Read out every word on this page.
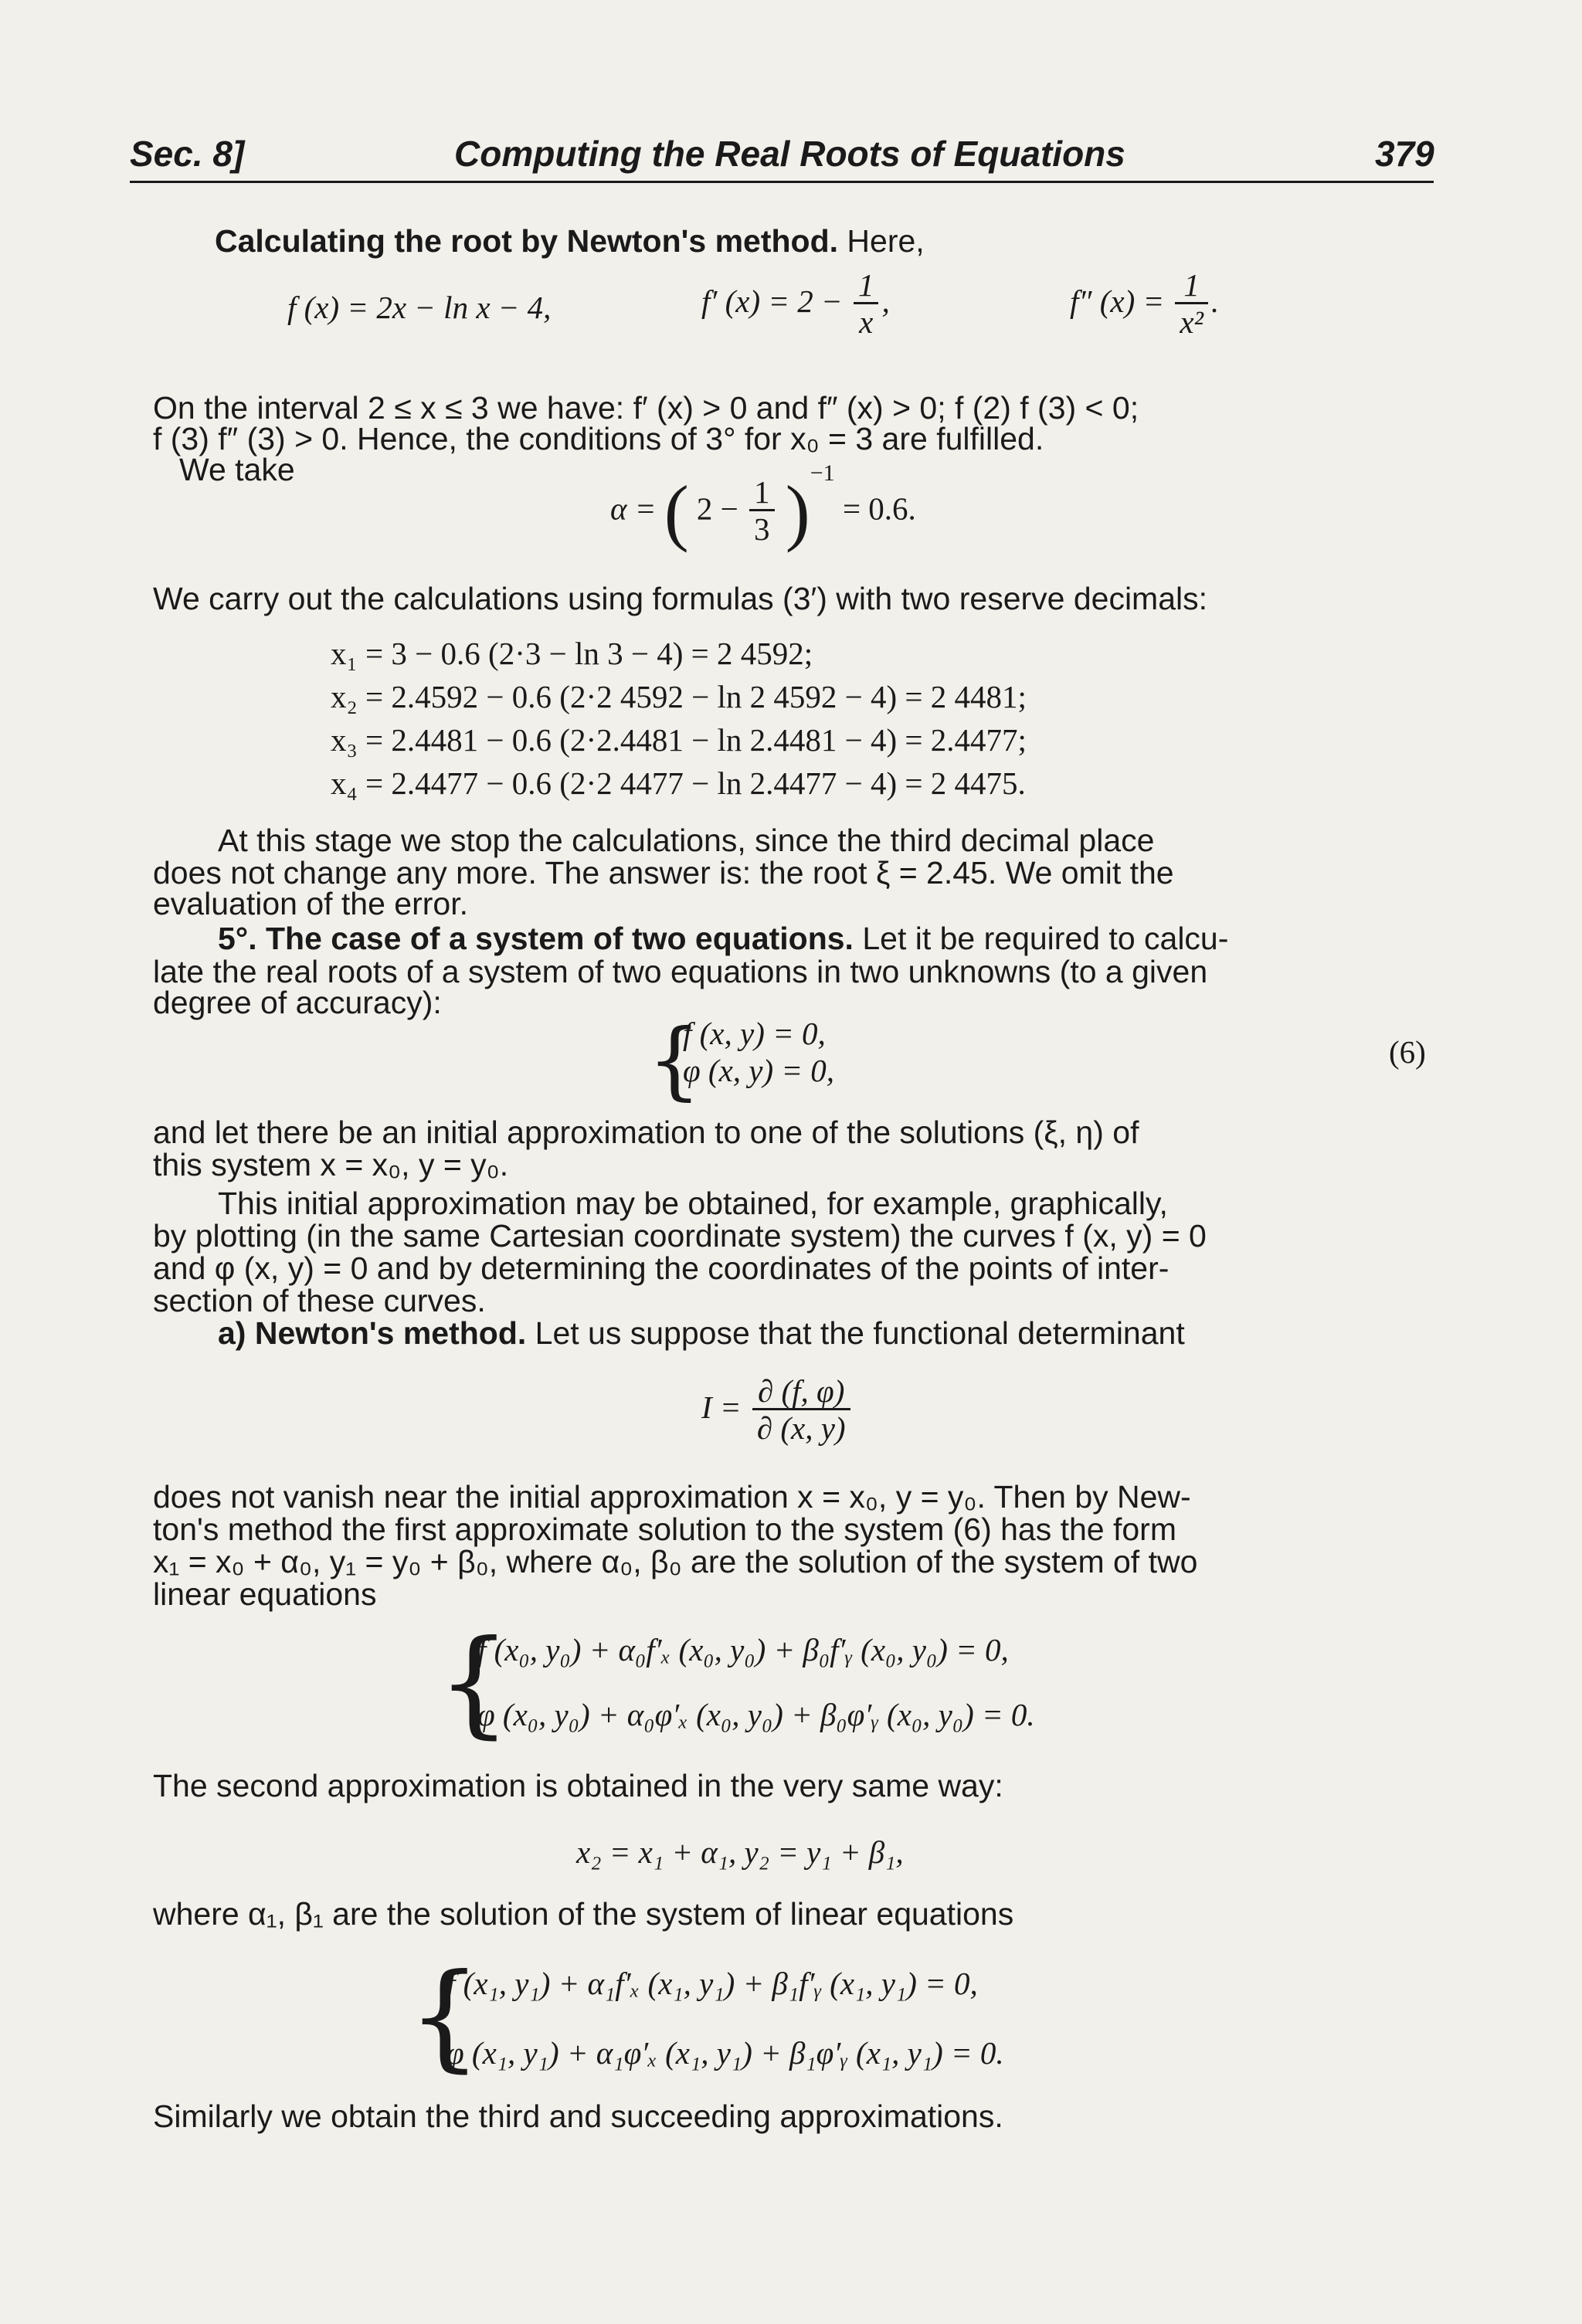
Sec. 8]	Computing the Real Roots of Equations	379
Calculating the root by Newton's method. Here,
f (x) = 2x − ln x − 4,	f′ $(x) = 2 - \frac{1}{x}$ ,	f″ $(x) = \frac{1}{\text{x²}}$ .
On the interval 2 ≤ x ≤ 3 we have: f′ (x) > 0 and f″ (x) > 0; f (2) f (3) < 0;
f (3) f″ (3) > 0. Hence, the conditions of 3° for x₀ = 3 are fulfilled.
We take
α = ( $2 - \frac{1}{3} )^{-1} = 0.6$.
We carry out the calculations using formulas (3′) with two reserve decimals:
x₁ = 3 − 0.6 (2·3 − ln 3 − 4) = 2 4592;
x₂ = 2.4592 − 0.6 (2·2 4592 − ln 2 4592 − 4) = 2 4481;
x₃ = 2.4481 − 0.6 (2·2.4481 − ln 2.4481 − 4) = 2.4477;
x₄ = 2.4477 − 0.6 (2·2 4477 − ln 2.4477 − 4) = 2 4475.
At this stage we stop the calculations, since the third decimal place
does not change any more. The answer is: the root ξ = 2.45. We omit the
evaluation of the error.
5°. The case of a system of two equations. Let it be required to calcu-
late the real roots of a system of two equations in two unknowns (to a given
degree of accuracy):
{
f (x, y) = 0,
φ (x, y) = 0,
(6)
and let there be an initial approximation to one of the solutions (ξ, η) of
this system x = x₀, y = y₀.
This initial approximation may be obtained, for example, graphically,
by plotting (in the same Cartesian coordinate system) the curves f (x, y) = 0
and φ (x, y) = 0 and by determining the coordinates of the points of inter-
section of these curves.
a) Newton's method. Let us suppose that the functional determinant
$I = \frac{\partial (f, \varphi)}{\partial (x, y)}$
does not vanish near the initial approximation x = x₀, y = y₀. Then by New-
ton's method the first approximate solution to the system (6) has the form
x₁ = x₀ + α₀, y₁ = y₀ + β₀, where α₀, β₀ are the solution of the system of two
linear equations
{
f (x₀, y₀) + α₀f′ₓ (x₀, y₀) + β₀f′ᵧ (x₀, y₀) = 0,
φ (x₀, y₀) + α₀φ′ₓ (x₀, y₀) + β₀φ′ᵧ (x₀, y₀) = 0.
The second approximation is obtained in the very same way:
x₂ = x₁ + α₁, y₂ = y₁ + β₁,
where α₁, β₁ are the solution of the system of linear equations
{
f (x₁, y₁) + α₁f′ₓ (x₁, y₁) + β₁f′ᵧ (x₁, y₁) = 0,
φ (x₁, y₁) + α₁φ′ₓ (x₁, y₁) + β₁φ′ᵧ (x₁, y₁) = 0.
Similarly we obtain the third and succeeding approximations.
